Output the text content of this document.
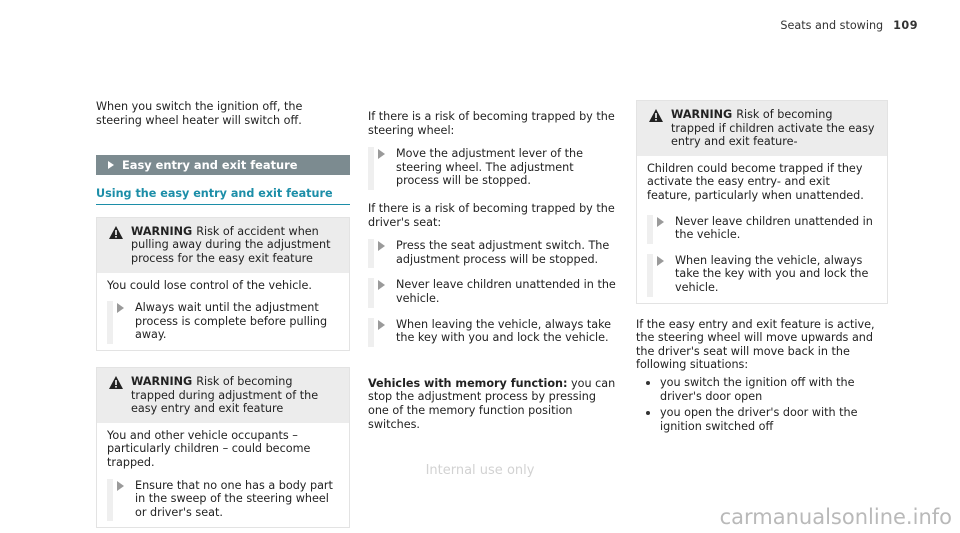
Seats and stowing 109

When you switch the ignition off, the steering wheel heater will switch off.

Easy entry and exit feature
Using the easy entry and exit feature
WARNING Risk of accident when pulling away during the adjustment process for the easy exit feature

You could lose control of the vehicle.

Always wait until the adjustment process is complete before pulling away.
WARNING Risk of becoming trapped during adjustment of the easy entry and exit feature

You and other vehicle occupants – particularly children – could become trapped.

Ensure that no one has a body part in the sweep of the steering wheel or driver's seat.

If there is a risk of becoming trapped by the steering wheel:

Move the adjustment lever of the steering wheel. The adjustment process will be stopped.

If there is a risk of becoming trapped by the driver's seat:

Press the seat adjustment switch. The adjustment process will be stopped.
Never leave children unattended in the vehicle.
When leaving the vehicle, always take the key with you and lock the vehicle.

Vehicles with memory function: you can stop the adjustment process by pressing one of the memory function position switches.

WARNING Risk of becoming trapped if children activate the easy entry and exit feature-

Children could become trapped if they activate the easy entry- and exit feature, particularly when unattended.

Never leave children unattended in the vehicle.
When leaving the vehicle, always take the key with you and lock the vehicle.

If the easy entry and exit feature is active, the steering wheel will move upwards and the driver's seat will move back in the following situations:

you switch the ignition off with the driver's door open
you open the driver's door with the ignition switched off
Internal use only
carmanualsonline.info
